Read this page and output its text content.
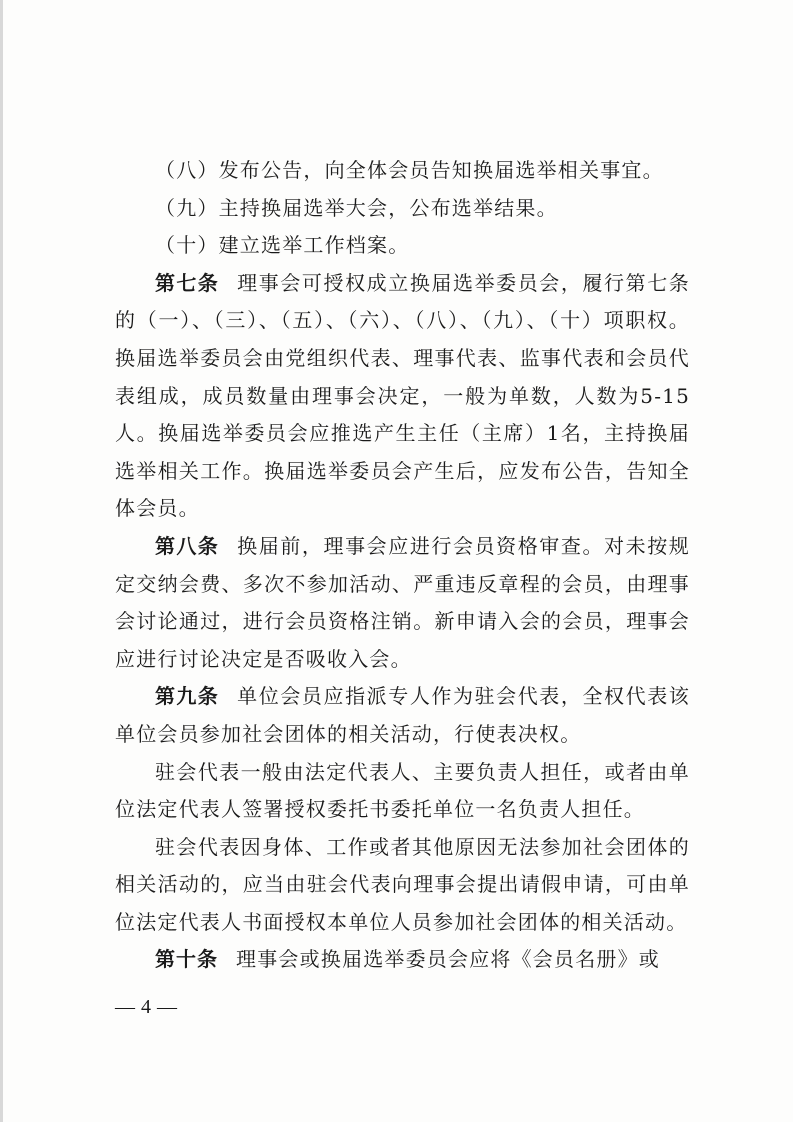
（八）发布公告，向全体会员告知换届选举相关事宜。

（九）主持换届选举大会，公布选举结果。

（十）建立选举工作档案。

第七条 理事会可授权成立换届选举委员会，履行第七条的（一）、（三）、（五）、（六）、（八）、（九）、（十）项职权。换届选举委员会由党组织代表、理事代表、监事代表和会员代表组成，成员数量由理事会决定，一般为单数，人数为5-15人。换届选举委员会应推选产生主任（主席）1名，主持换届选举相关工作。换届选举委员会产生后，应发布公告，告知全体会员。

第八条 换届前，理事会应进行会员资格审查。对未按规定交纳会费、多次不参加活动、严重违反章程的会员，由理事会讨论通过，进行会员资格注销。新申请入会的会员，理事会应进行讨论决定是否吸收入会。

第九条 单位会员应指派专人作为驻会代表，全权代表该单位会员参加社会团体的相关活动，行使表决权。

驻会代表一般由法定代表人、主要负责人担任，或者由单位法定代表人签署授权委托书委托单位一名负责人担任。

驻会代表因身体、工作或者其他原因无法参加社会团体的相关活动的，应当由驻会代表向理事会提出请假申请，可由单位法定代表人书面授权本单位人员参加社会团体的相关活动。

第十条 理事会或换届选举委员会应将《会员名册》或

— 4 —
